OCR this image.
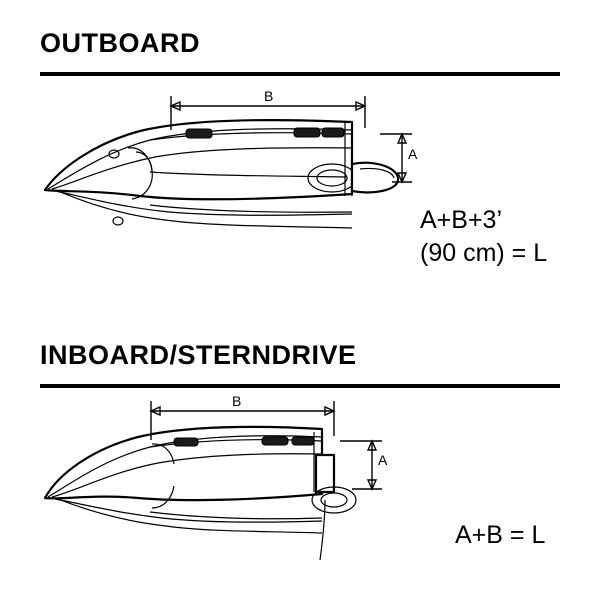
OUTBOARD
B
A
A+B+3’
(90 cm) = L
INBOARD/STERNDRIVE
B
A
A+B = L
